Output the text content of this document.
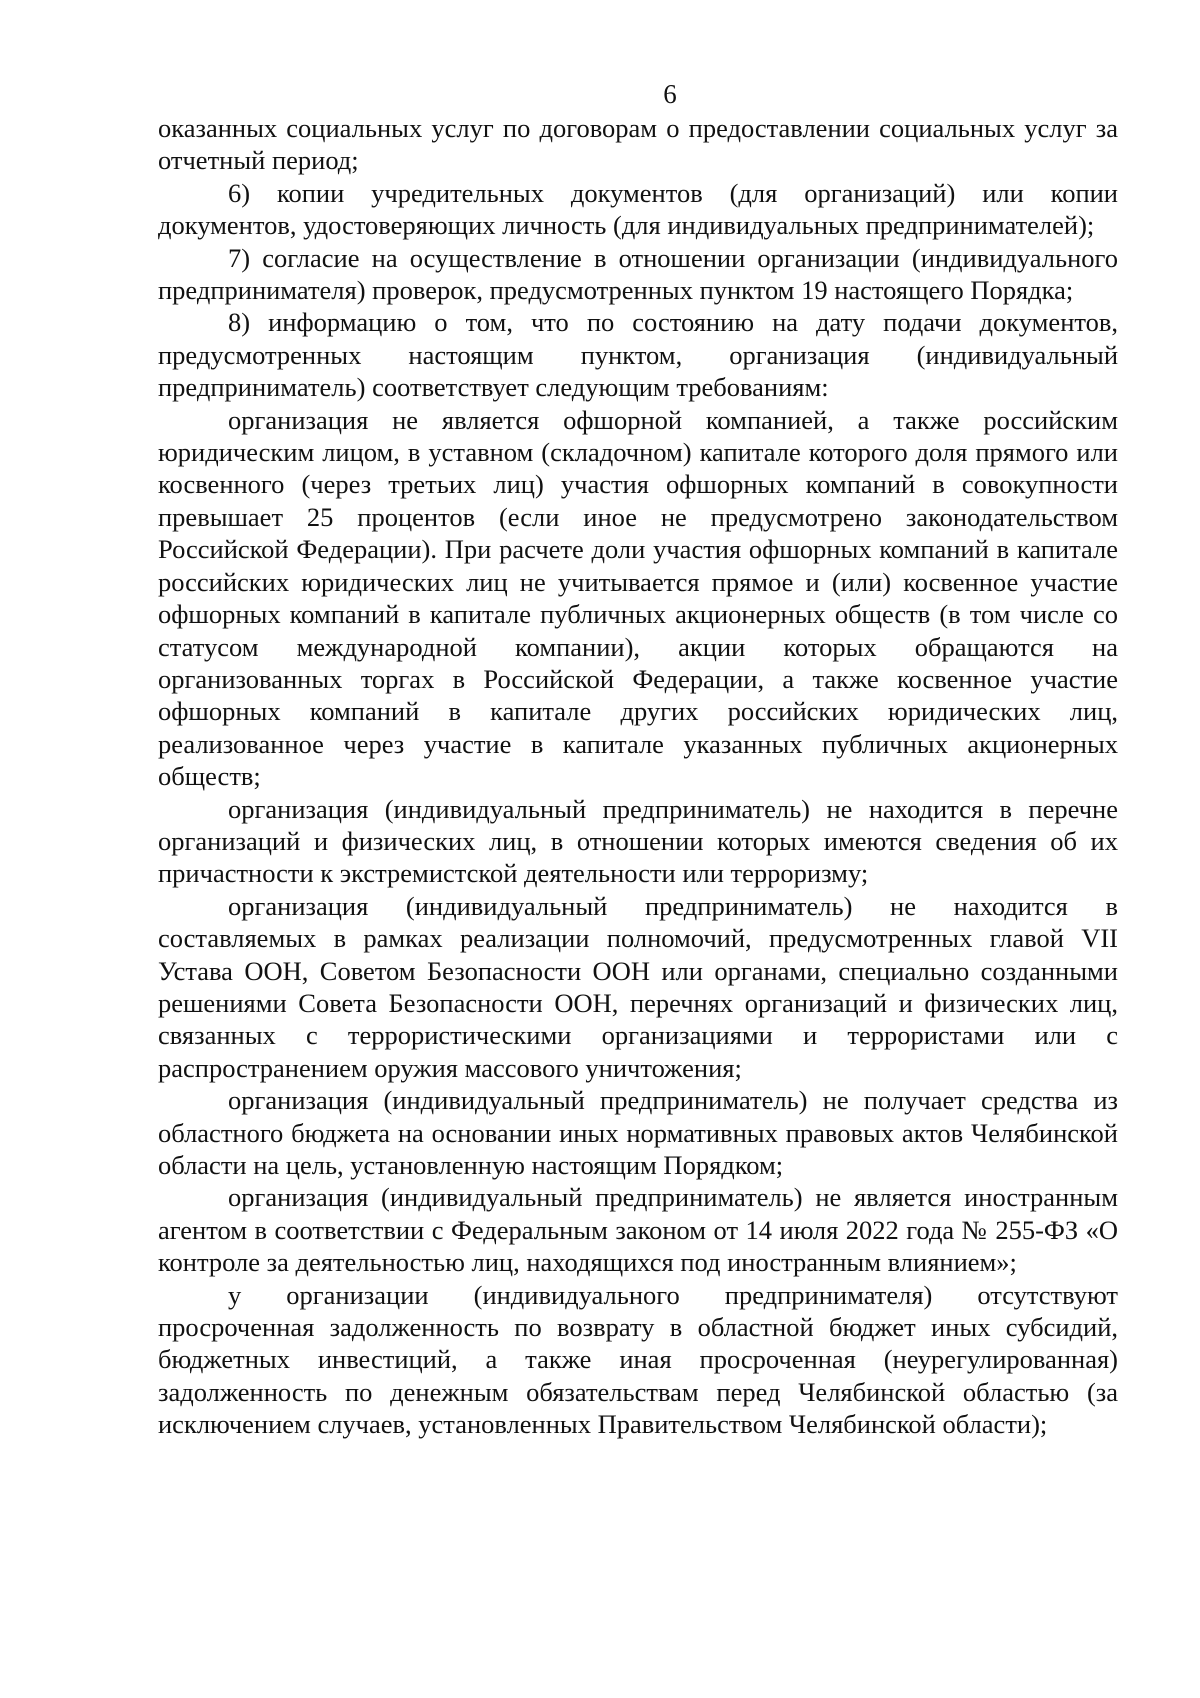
6

оказанных социальных услуг по договорам о предоставлении социальных услуг за отчетный период;

6) копии учредительных документов (для организаций) или копии документов, удостоверяющих личность (для индивидуальных предпринимателей);

7) согласие на осуществление в отношении организации (индивидуального предпринимателя) проверок, предусмотренных пунктом 19 настоящего Порядка;

8) информацию о том, что по состоянию на дату подачи документов, предусмотренных настоящим пунктом, организация (индивидуальный предприниматель) соответствует следующим требованиям:

организация не является офшорной компанией, а также российским юридическим лицом, в уставном (складочном) капитале которого доля прямого или косвенного (через третьих лиц) участия офшорных компаний в совокупности превышает 25 процентов (если иное не предусмотрено законодательством Российской Федерации). При расчете доли участия офшорных компаний в капитале российских юридических лиц не учитывается прямое и (или) косвенное участие офшорных компаний в капитале публичных акционерных обществ (в том числе со статусом международной компании), акции которых обращаются на организованных торгах в Российской Федерации, а также косвенное участие офшорных компаний в капитале других российских юридических лиц, реализованное через участие в капитале указанных публичных акционерных обществ;

организация (индивидуальный предприниматель) не находится в перечне организаций и физических лиц, в отношении которых имеются сведения об их причастности к экстремистской деятельности или терроризму;

организация (индивидуальный предприниматель) не находится в составляемых в рамках реализации полномочий, предусмотренных главой VII Устава ООН, Советом Безопасности ООН или органами, специально созданными решениями Совета Безопасности ООН, перечнях организаций и физических лиц, связанных с террористическими организациями и террористами или с распространением оружия массового уничтожения;

организация (индивидуальный предприниматель) не получает средства из областного бюджета на основании иных нормативных правовых актов Челябинской области на цель, установленную настоящим Порядком;

организация (индивидуальный предприниматель) не является иностранным агентом в соответствии с Федеральным законом от 14 июля 2022 года № 255-ФЗ «О контроле за деятельностью лиц, находящихся под иностранным влиянием»;

у организации (индивидуального предпринимателя) отсутствуют просроченная задолженность по возврату в областной бюджет иных субсидий, бюджетных инвестиций, а также иная просроченная (неурегулированная) задолженность по денежным обязательствам перед Челябинской областью (за исключением случаев, установленных Правительством Челябинской области);
